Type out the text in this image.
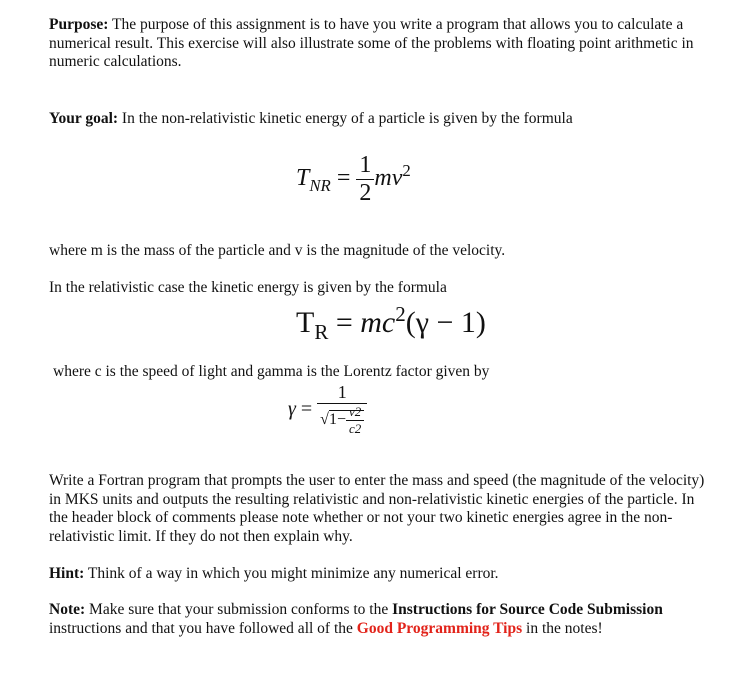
Purpose: The purpose of this assignment is to have you write a program that allows you to calculate a numerical result. This exercise will also illustrate some of the problems with floating point arithmetic in numeric calculations.

Your goal: In the non-relativistic kinetic energy of a particle is given by the formula

$T_{NR} = \frac{1}{2} mv^2$

where m is the mass of the particle and v is the magnitude of the velocity.

In the relativistic case the kinetic energy is given by the formula

$T_R = mc^2(\gamma - 1)$

where c is the speed of light and gamma is the Lorentz factor given by

$\gamma = \frac{1}{√1- \frac{v2}{c2}}$

Write a Fortran program that prompts the user to enter the mass and speed (the magnitude of the velocity) in MKS units and outputs the resulting relativistic and non-relativistic kinetic energies of the particle. In the header block of comments please note whether or not your two kinetic energies agree in the non-relativistic limit. If they do not then explain why.

Hint: Think of a way in which you might minimize any numerical error.

Note: Make sure that your submission conforms to the Instructions for Source Code Submission instructions and that you have followed all of the Good Programming Tips in the notes!
